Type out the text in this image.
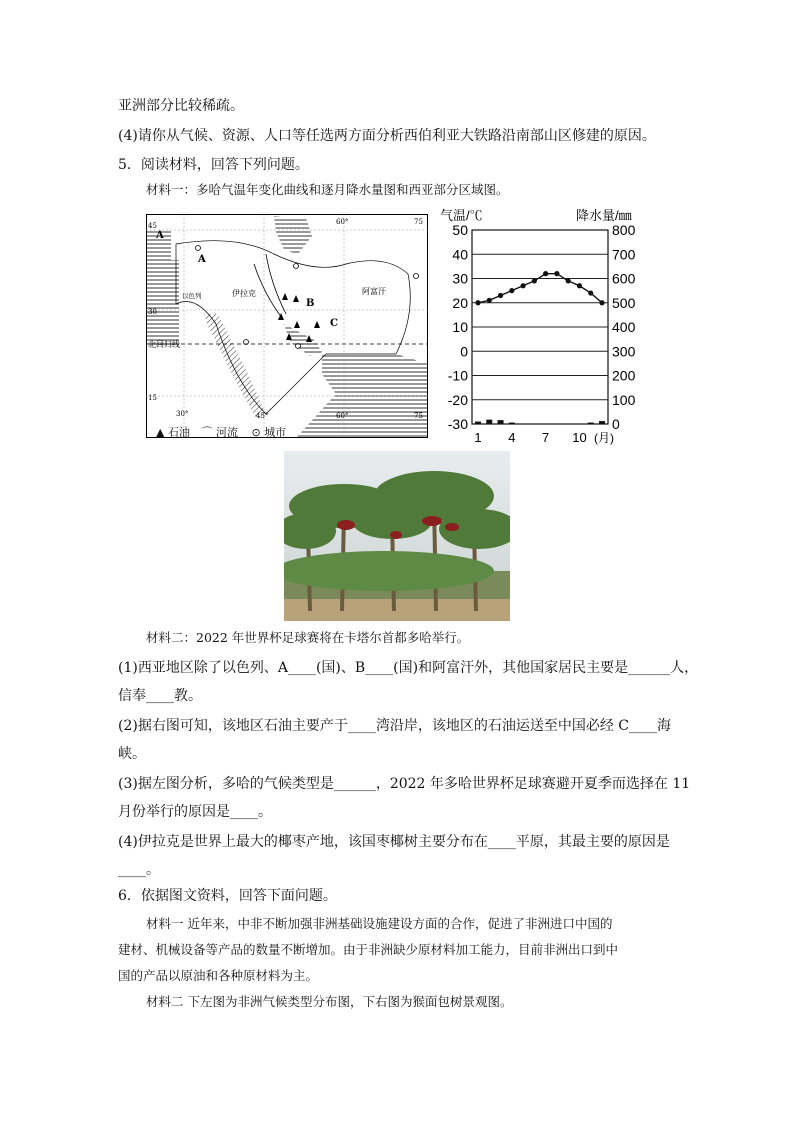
亚洲部分比较稀疏。
(4)请你从气候、资源、人口等任选两方面分析西伯利亚大铁路沿南部山区修建的原因。
5．阅读材料，回答下列问题。
材料一：多哈气温年变化曲线和逐月降水量图和西亚部分区域图。
A
A
B
C
以色列	伊拉克	阿富汗
北回归线
45
30
15
30°	45°	60°	75
60°	75
▲ 石油 ⌒ 河流 ⊙ 城市
气温/℃	降水量/㎜
50
40
30
20
10
0
-10
-20
-30
800
700
600
500
400
300
200
100
0
1 4 7 10 (月)
材料二：2022 年世界杯足球赛将在卡塔尔首都多哈举行。
(1)西亚地区除了以色列、A____(国)、B____(国)和阿富汗外，其他国家居民主要是______人，
信奉____教。
(2)据右图可知，该地区石油主要产于____湾沿岸，该地区的石油运送至中国必经 C____海
峡。
(3)据左图分析，多哈的气候类型是______，2022 年多哈世界杯足球赛避开夏季而选择在 11
月份举行的原因是____。
(4)伊拉克是世界上最大的椰枣产地，该国枣椰树主要分布在____平原，其最主要的原因是
____。
6．依据图文资料，回答下面问题。
材料一 近年来，中非不断加强非洲基础设施建设方面的合作，促进了非洲进口中国的
建材、机械设备等产品的数量不断增加。由于非洲缺少原材料加工能力，目前非洲出口到中
国的产品以原油和各种原材料为主。
材料二 下左图为非洲气候类型分布图，下右图为猴面包树景观图。
